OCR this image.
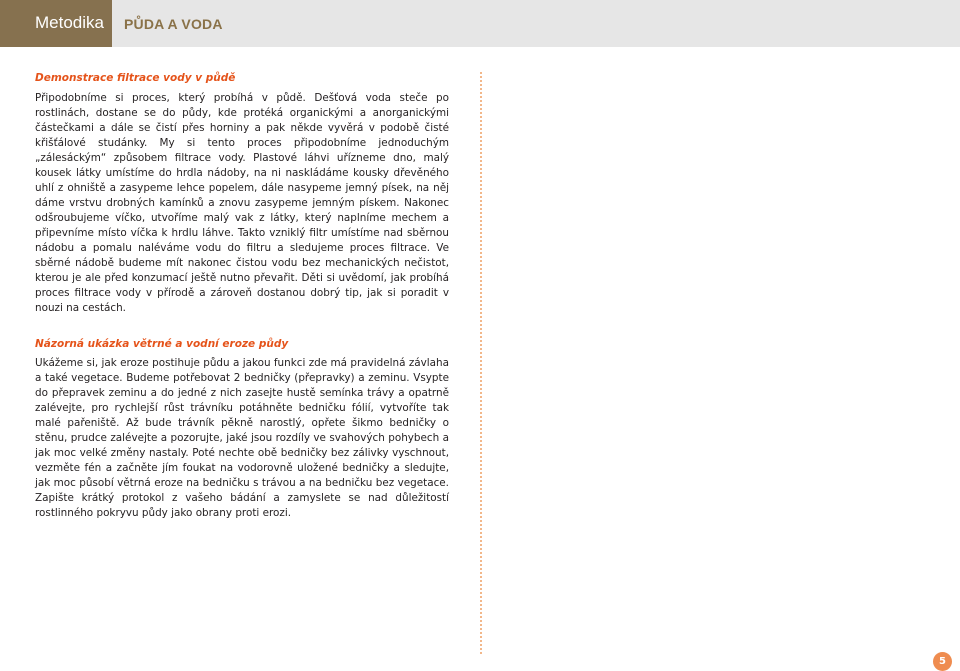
Metodika	PŮDA A VODA
Demonstrace filtrace vody v půdě

Připodobníme si proces, který probíhá v půdě. Dešťová voda steče po rostlinách, dostane se do půdy, kde protéká organickými a anorganickými částečkami a dále se čistí přes horniny a pak někde vyvěrá v podobě čisté křišťálové studánky. My si tento proces připodobníme jednoduchým „zálesáckým“ způsobem filtrace vody. Plastové láhvi uřízneme dno, malý kousek látky umístíme do hrdla nádoby, na ni naskládáme kousky dřevěného uhlí z ohniště a zasypeme lehce popelem, dále nasypeme jemný písek, na něj dáme vrstvu drobných kamínků a znovu zasypeme jemným pískem. Nakonec odšroubujeme víčko, utvoříme malý vak z látky, který naplníme mechem a připevníme místo víčka k hrdlu láhve. Takto vzniklý filtr umístíme nad sběrnou nádobu a pomalu naléváme vodu do filtru a sledujeme proces filtrace. Ve sběrné nádobě budeme mít nakonec čistou vodu bez mechanických nečistot, kterou je ale před konzumací ještě nutno převařit. Děti si uvědomí, jak probíhá proces filtrace vody v přírodě a zároveň dostanou dobrý tip, jak si poradit v nouzi na cestách.

Názorná ukázka větrné a vodní eroze půdy

Ukážeme si, jak eroze postihuje půdu a jakou funkci zde má pravidelná závlaha a také vegetace. Budeme potřebovat 2 bedničky (přepravky) a zeminu. Vsypte do přepravek zeminu a do jedné z nich zasejte hustě semínka trávy a opatrně zalévejte, pro rychlejší růst trávníku potáhněte bedničku fólií, vytvoříte tak malé pařeniště. Až bude trávník pěkně narostlý, opřete šikmo bedničky o stěnu, prudce zalévejte a pozorujte, jaké jsou rozdíly ve svahových pohybech a jak moc velké změny nastaly. Poté nechte obě bedničky bez zálivky vyschnout, vezměte fén a začněte jím foukat na vodorovně uložené bedničky a sledujte, jak moc působí větrná eroze na bedničku s trávou a na bedničku bez vegetace. Zapište krátký protokol z vašeho bádání a zamyslete se nad důležitostí rostlinného pokryvu půdy jako obrany proti erozi.

5
